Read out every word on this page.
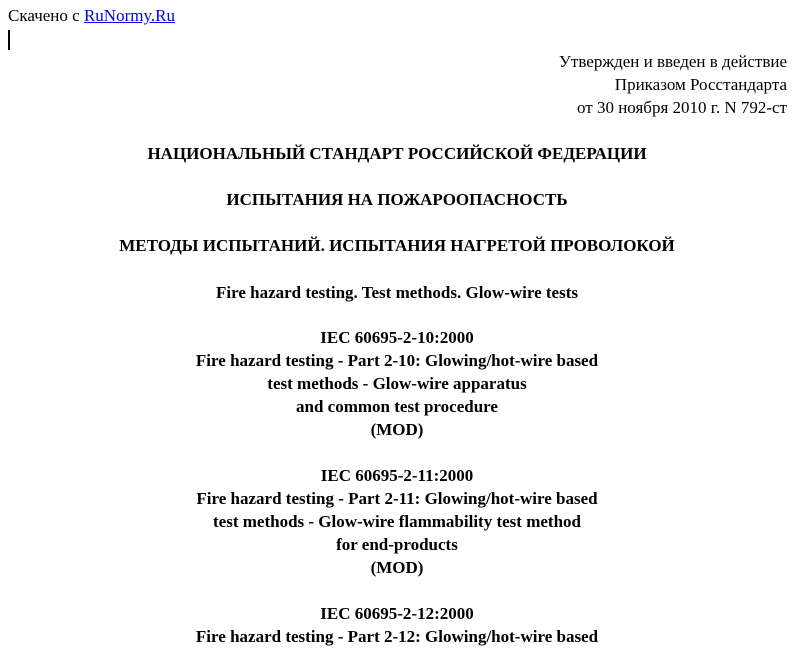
Скачено с RuNormy.Ru
Утвержден и введен в действие
Приказом Росстандарта
от 30 ноября 2010 г. N 792-ст
НАЦИОНАЛЬНЫЙ СТАНДАРТ РОССИЙСКОЙ ФЕДЕРАЦИИ
ИСПЫТАНИЯ НА ПОЖАРООПАСНОСТЬ
МЕТОДЫ ИСПЫТАНИЙ. ИСПЫТАНИЯ НАГРЕТОЙ ПРОВОЛОКОЙ
Fire hazard testing. Test methods. Glow-wire tests
IEC 60695-2-10:2000
Fire hazard testing - Part 2-10: Glowing/hot-wire based
test methods - Glow-wire apparatus
and common test procedure
(MOD)
IEC 60695-2-11:2000
Fire hazard testing - Part 2-11: Glowing/hot-wire based
test methods - Glow-wire flammability test method
for end-products
(MOD)
IEC 60695-2-12:2000
Fire hazard testing - Part 2-12: Glowing/hot-wire based
